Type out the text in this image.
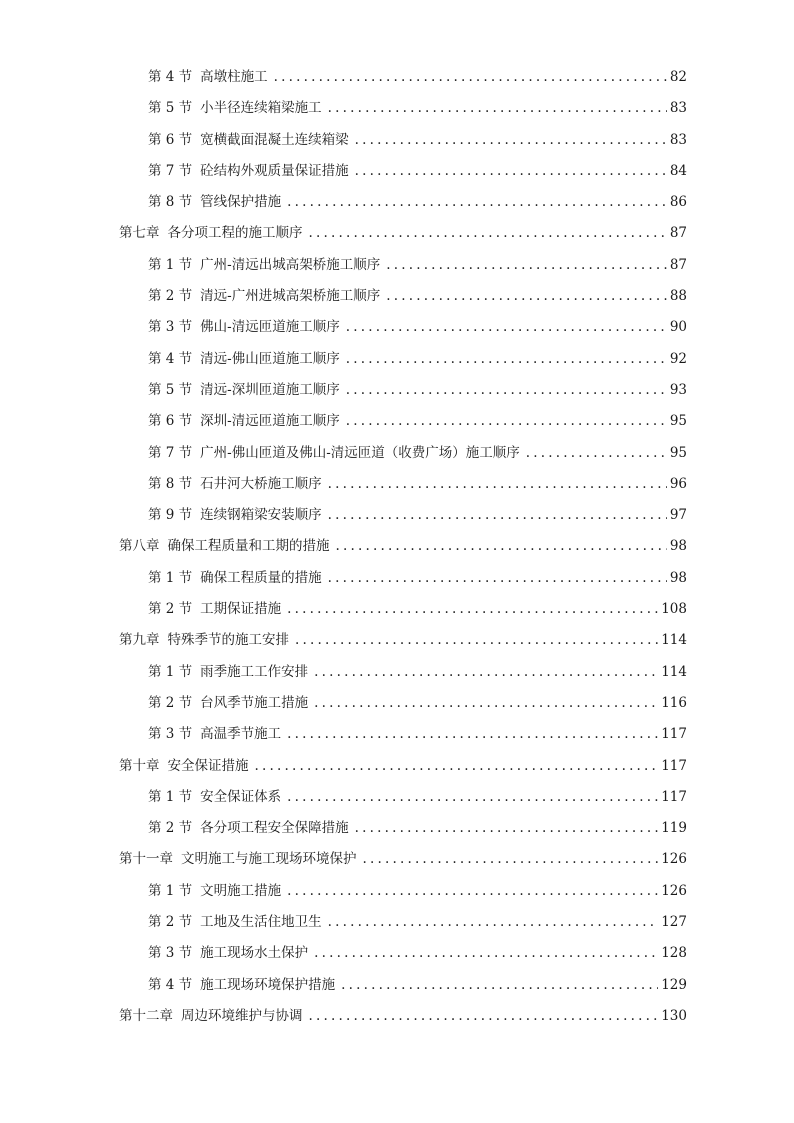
第 4 节 高墩柱施工 .....	82
第 5 节 小半径连续箱梁施工 .....	83
第 6 节 宽横截面混凝土连续箱梁 .....	83
第 7 节 砼结构外观质量保证措施 .....	84
第 8 节 管线保护措施 .....	86
第七章 各分项工程的施工顺序 .....	87
第 1 节 广州-清远出城高架桥施工顺序 .....	87
第 2 节 清远-广州进城高架桥施工顺序 .....	88
第 3 节 佛山-清远匝道施工顺序 .....	90
第 4 节 清远-佛山匝道施工顺序 .....	92
第 5 节 清远-深圳匝道施工顺序 .....	93
第 6 节 深圳-清远匝道施工顺序 .....	95
第 7 节 广州-佛山匝道及佛山-清远匝道（收费广场）施工顺序 .....	95
第 8 节 石井河大桥施工顺序 .....	96
第 9 节 连续钢箱梁安装顺序 .....	97
第八章 确保工程质量和工期的措施 .....	98
第 1 节 确保工程质量的措施 .....	98
第 2 节 工期保证措施 .....	108
第九章 特殊季节的施工安排 .....	114
第 1 节 雨季施工工作安排 .....	114
第 2 节 台风季节施工措施 .....	116
第 3 节 高温季节施工 .....	117
第十章 安全保证措施 .....	117
第 1 节 安全保证体系 .....	117
第 2 节 各分项工程安全保障措施 .....	119
第十一章 文明施工与施工现场环境保护 .....	126
第 1 节 文明施工措施 .....	126
第 2 节 工地及生活住地卫生 .....	127
第 3 节 施工现场水土保护 .....	128
第 4 节 施工现场环境保护措施 .....	129
第十二章 周边环境维护与协调 .....	130
